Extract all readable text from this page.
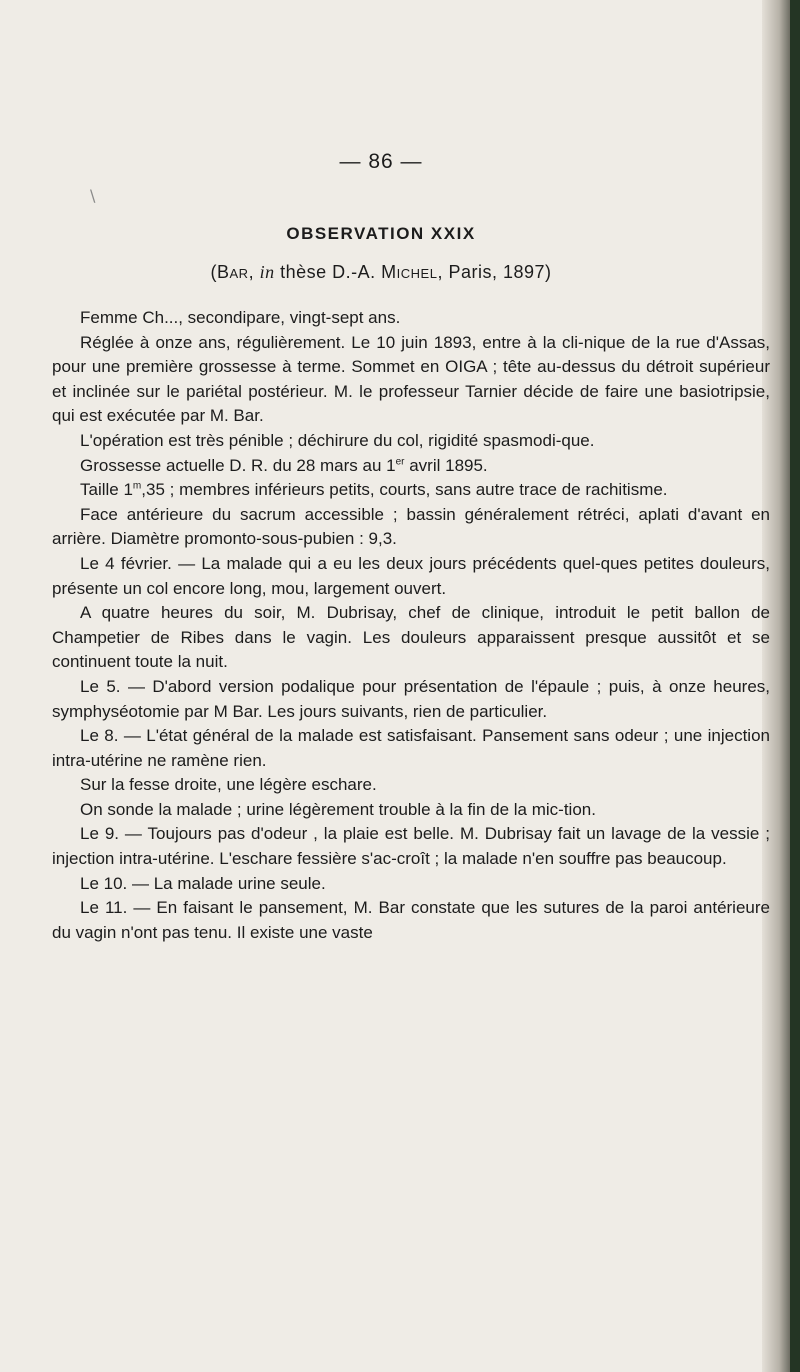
\
— 86 —
OBSERVATION XXIX
(Bar, in thèse D.-A. Michel, Paris, 1897)

Femme Ch..., secondipare, vingt-sept ans.

Réglée à onze ans, régulièrement. Le 10 juin 1893, entre à la cli-nique de la rue d'Assas, pour une première grossesse à terme. Sommet en OIGA ; tête au-dessus du détroit supérieur et inclinée sur le pariétal postérieur. M. le professeur Tarnier décide de faire une basiotripsie, qui est exécutée par M. Bar.

L'opération est très pénible ; déchirure du col, rigidité spasmodi-que.

Grossesse actuelle D. R. du 28 mars au 1er avril 1895.

Taille 1$^m$,35 ; membres inférieurs petits, courts, sans autre trace de rachitisme.

Face antérieure du sacrum accessible ; bassin généralement rétréci, aplati d'avant en arrière. Diamètre promonto-sous-pubien : 9,3.

Le 4 février. — La malade qui a eu les deux jours précédents quel-ques petites douleurs, présente un col encore long, mou, largement ouvert.

A quatre heures du soir, M. Dubrisay, chef de clinique, introduit le petit ballon de Champetier de Ribes dans le vagin. Les douleurs apparaissent presque aussitôt et se continuent toute la nuit.

Le 5. — D'abord version podalique pour présentation de l'épaule ; puis, à onze heures, symphyséotomie par M Bar. Les jours suivants, rien de particulier.

Le 8. — L'état général de la malade est satisfaisant. Pansement sans odeur ; une injection intra-utérine ne ramène rien.

Sur la fesse droite, une légère eschare.

On sonde la malade ; urine légèrement trouble à la fin de la mic-tion.

Le 9. — Toujours pas d'odeur , la plaie est belle. M. Dubrisay fait un lavage de la vessie ; injection intra-utérine. L'eschare fessière s'ac-croît ; la malade n'en souffre pas beaucoup.

Le 10. — La malade urine seule.

Le 11. — En faisant le pansement, M. Bar constate que les sutures de la paroi antérieure du vagin n'ont pas tenu. Il existe une vaste
